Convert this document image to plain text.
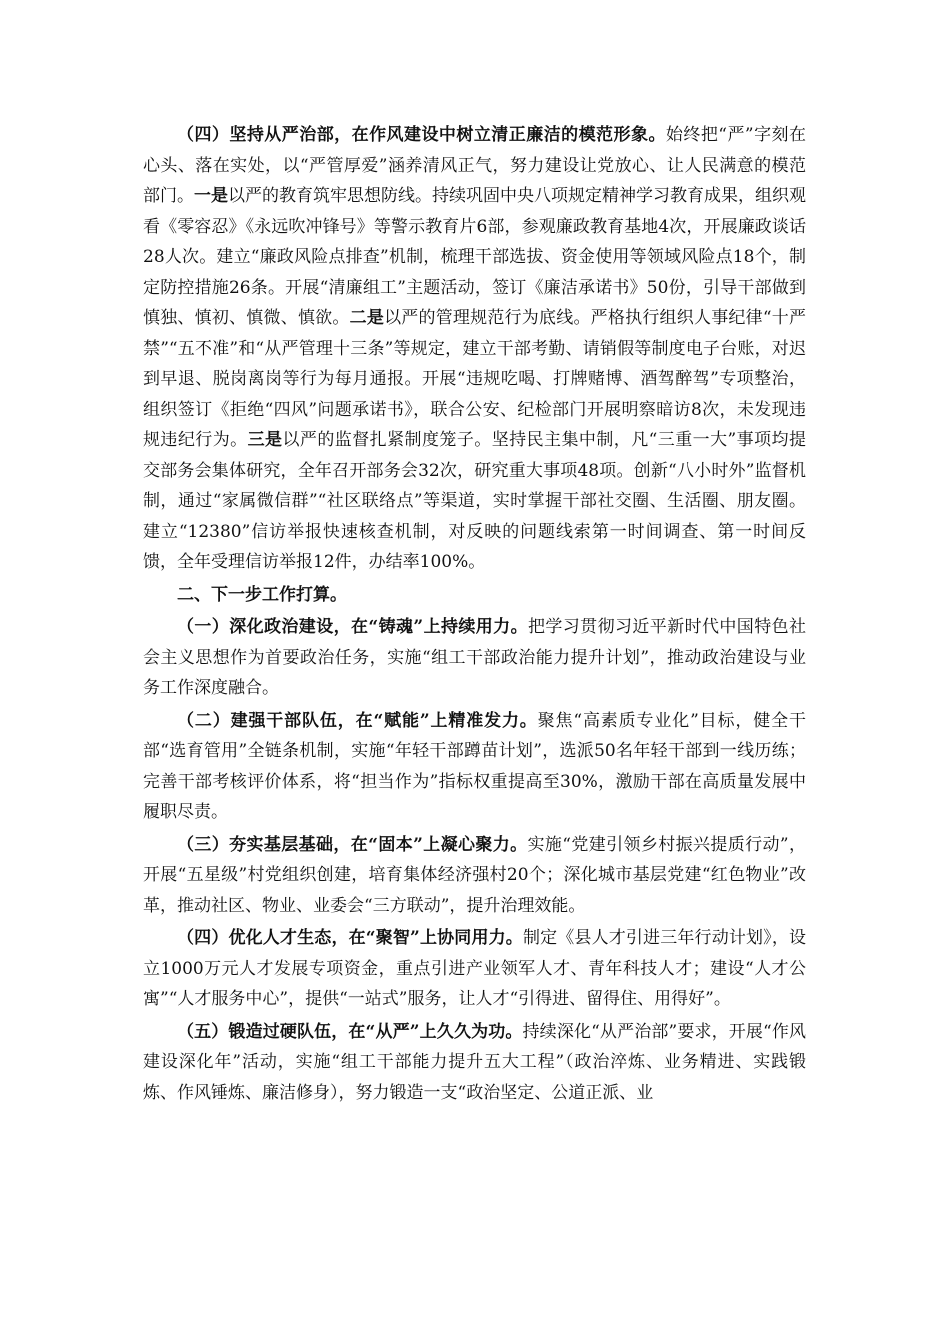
（四）坚持从严治部，在作风建设中树立清正廉洁的模范形象。始终把“严”字刻在心头、落在实处，以“严管厚爱”涵养清风正气，努力建设让党放心、让人民满意的模范部门。一是以严的教育筑牢思想防线。持续巩固中央八项规定精神学习教育成果，组织观看《零容忍》《永远吹冲锋号》等警示教育片6部，参观廉政教育基地4次，开展廉政谈话28人次。建立“廉政风险点排查”机制，梳理干部选拔、资金使用等领域风险点18个，制定防控措施26条。开展“清廉组工”主题活动，签订《廉洁承诺书》50份，引导干部做到慎独、慎初、慎微、慎欲。二是以严的管理规范行为底线。严格执行组织人事纪律“十严禁”“五不准”和“从严管理十三条”等规定，建立干部考勤、请销假等制度电子台账，对迟到早退、脱岗离岗等行为每月通报。开展“违规吃喝、打牌赌博、酒驾醉驾”专项整治，组织签订《拒绝“四风”问题承诺书》，联合公安、纪检部门开展明察暗访8次，未发现违规违纪行为。三是以严的监督扎紧制度笼子。坚持民主集中制，凡“三重一大”事项均提交部务会集体研究，全年召开部务会32次，研究重大事项48项。创新“八小时外”监督机制，通过“家属微信群”“社区联络点”等渠道，实时掌握干部社交圈、生活圈、朋友圈。建立“12380”信访举报快速核查机制，对反映的问题线索第一时间调查、第一时间反馈，全年受理信访举报12件，办结率100%。

二、下一步工作打算。

（一）深化政治建设，在“铸魂”上持续用力。把学习贯彻习近平新时代中国特色社会主义思想作为首要政治任务，实施“组工干部政治能力提升计划”，推动政治建设与业务工作深度融合。

（二）建强干部队伍，在“赋能”上精准发力。聚焦“高素质专业化”目标，健全干部“选育管用”全链条机制，实施“年轻干部蹲苗计划”，选派50名年轻干部到一线历练；完善干部考核评价体系，将“担当作为”指标权重提高至30%，激励干部在高质量发展中履职尽责。

（三）夯实基层基础，在“固本”上凝心聚力。实施“党建引领乡村振兴提质行动”，开展“五星级”村党组织创建，培育集体经济强村20个；深化城市基层党建“红色物业”改革，推动社区、物业、业委会“三方联动”，提升治理效能。

（四）优化人才生态，在“聚智”上协同用力。制定《县人才引进三年行动计划》，设立1000万元人才发展专项资金，重点引进产业领军人才、青年科技人才；建设“人才公寓”“人才服务中心”，提供“一站式”服务，让人才“引得进、留得住、用得好”。

（五）锻造过硬队伍，在“从严”上久久为功。持续深化“从严治部”要求，开展“作风建设深化年”活动，实施“组工干部能力提升五大工程”（政治淬炼、业务精进、实践锻炼、作风锤炼、廉洁修身），努力锻造一支“政治坚定、公道正派、业
